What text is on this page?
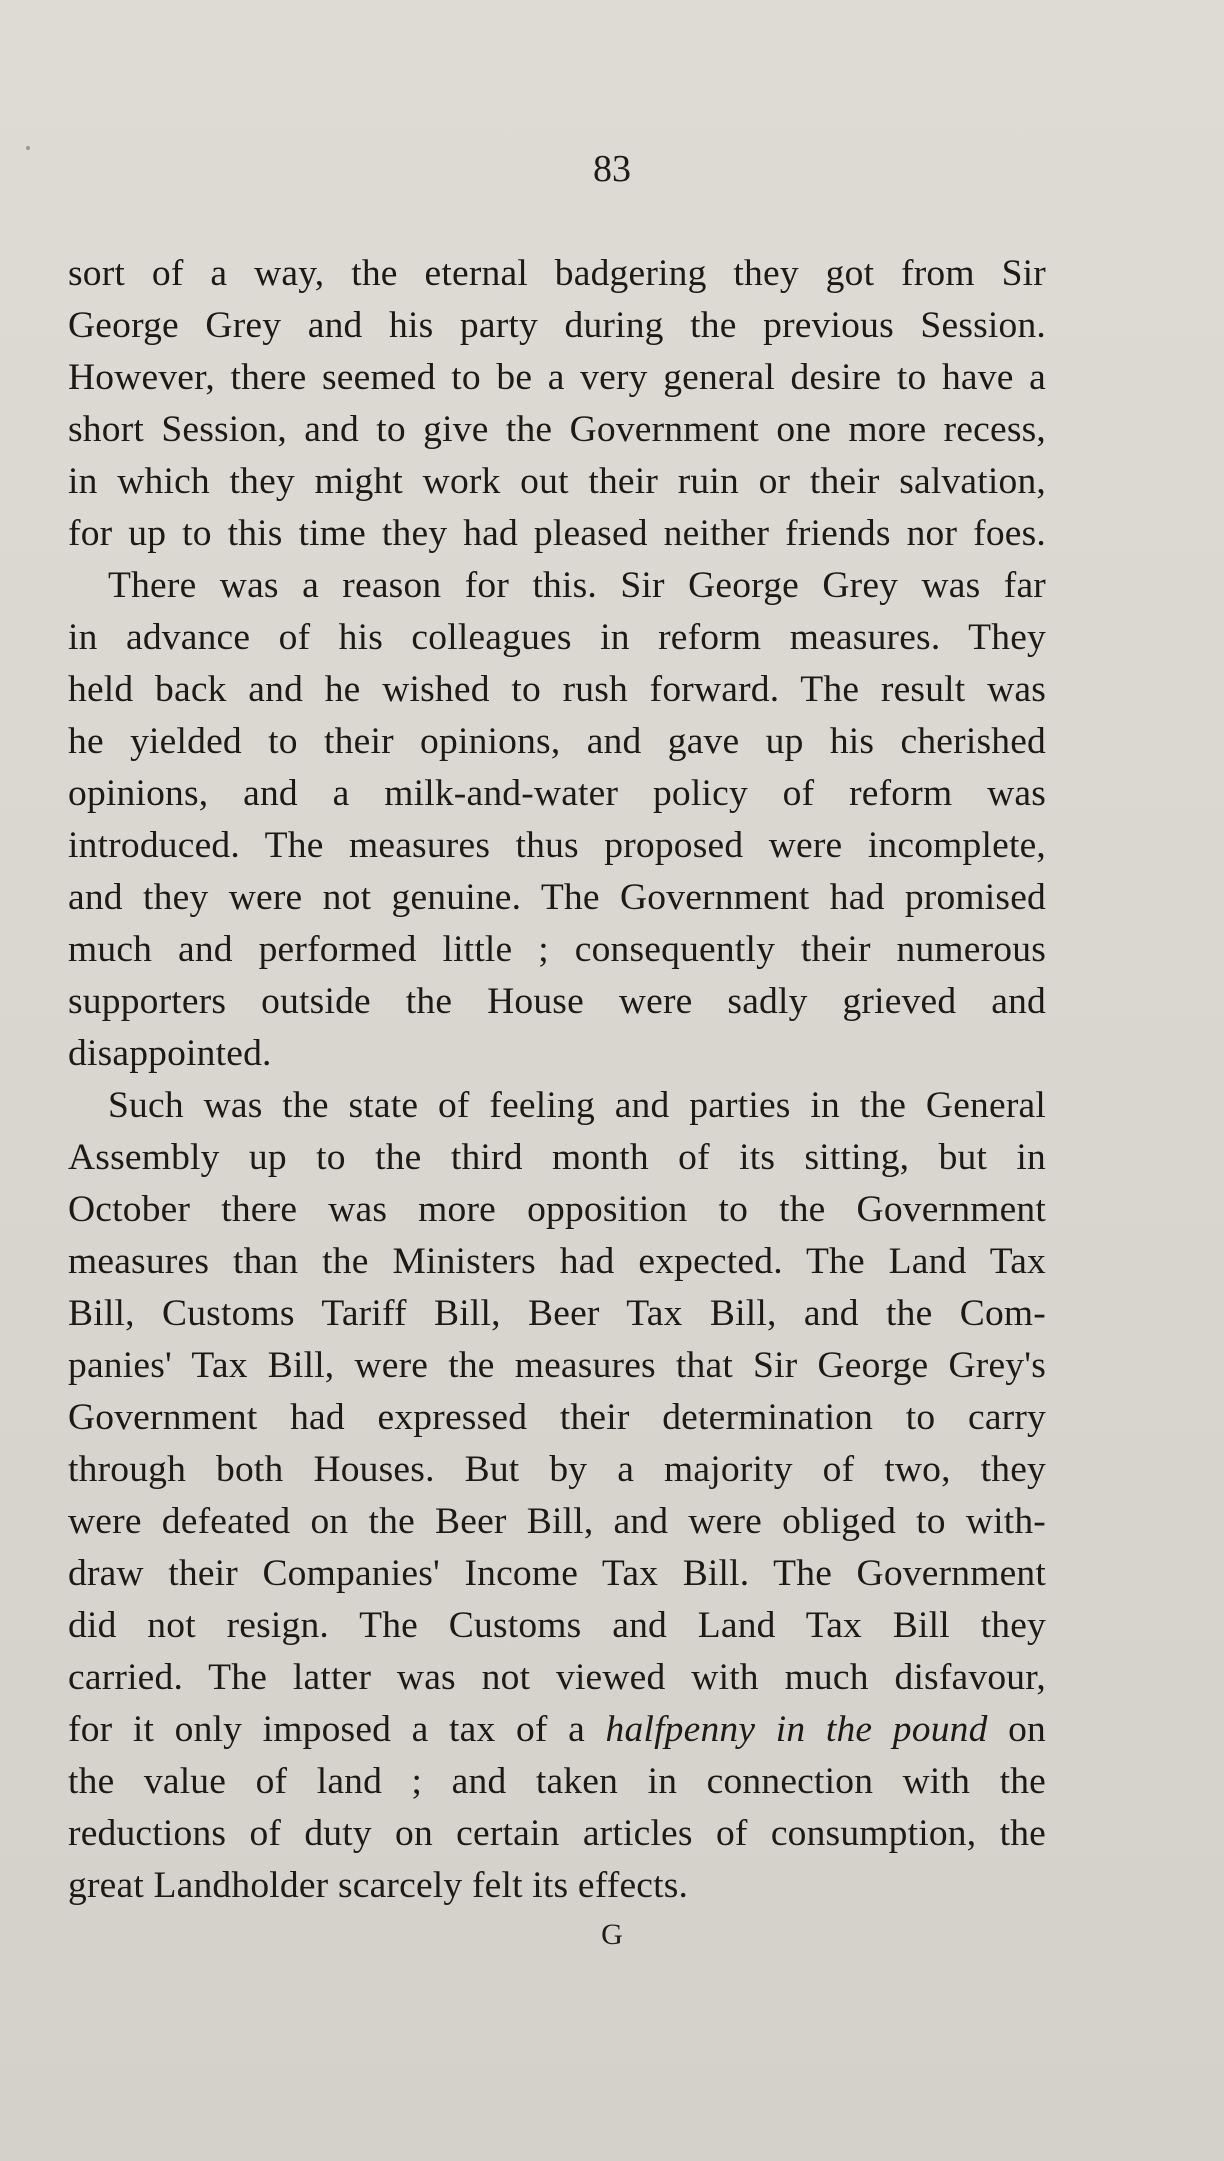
83

sort of a way, the eternal badgering they got from Sir
George Grey and his party during the previous Session.
However, there seemed to be a very general desire to have a
short Session, and to give the Government one more recess,
in which they might work out their ruin or their salvation,
for up to this time they had pleased neither friends nor foes.
There was a reason for this. Sir George Grey was far
in advance of his colleagues in reform measures. They
held back and he wished to rush forward. The result was
he yielded to their opinions, and gave up his cherished
opinions, and a milk-and-water policy of reform was
introduced. The measures thus proposed were incomplete,
and they were not genuine. The Government had promised
much and performed little ; consequently their numerous
supporters outside the House were sadly grieved and
disappointed.
Such was the state of feeling and parties in the General
Assembly up to the third month of its sitting, but in
October there was more opposition to the Government
measures than the Ministers had expected. The Land Tax
Bill, Customs Tariff Bill, Beer Tax Bill, and the Com-
panies' Tax Bill, were the measures that Sir George Grey's
Government had expressed their determination to carry
through both Houses. But by a majority of two, they
were defeated on the Beer Bill, and were obliged to with-
draw their Companies' Income Tax Bill. The Government
did not resign. The Customs and Land Tax Bill they
carried. The latter was not viewed with much disfavour,
for it only imposed a tax of a halfpenny in the pound on
the value of land ; and taken in connection with the
reductions of duty on certain articles of consumption, the
great Landholder scarcely felt its effects.

G
